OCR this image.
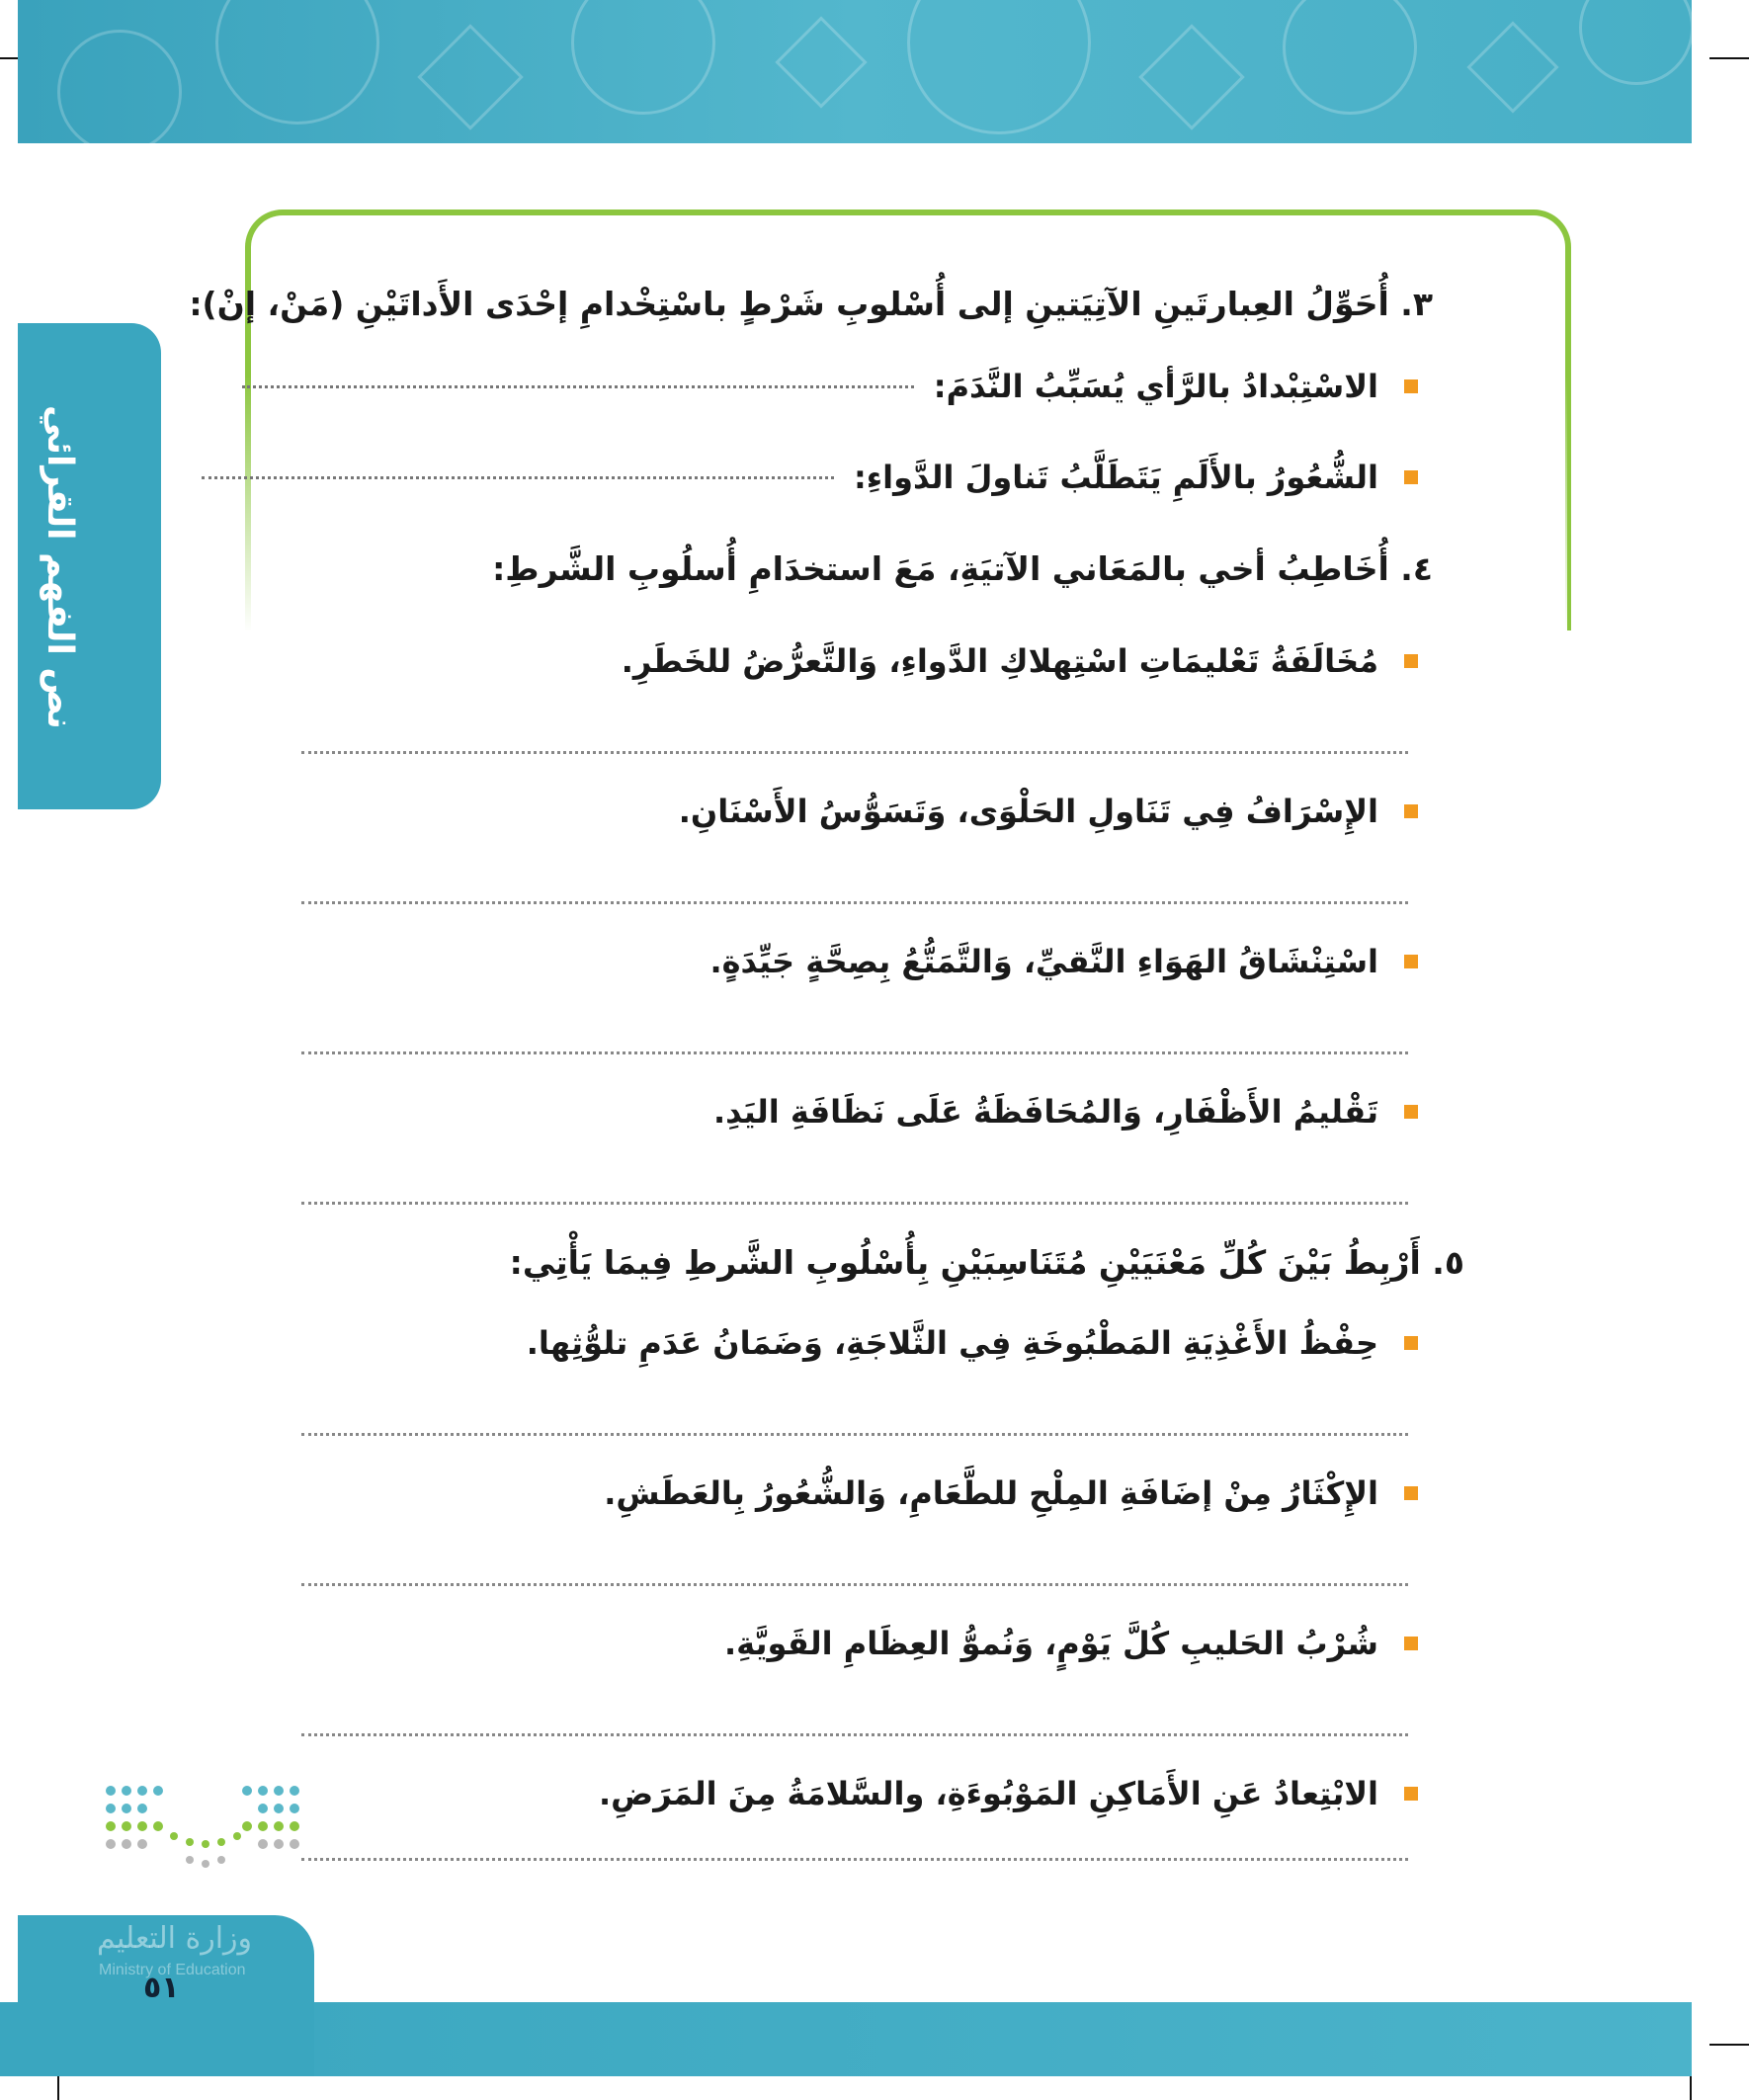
نص الفهم القرائي
٣. أُحَوِّلُ العِبارتَينِ الآتِيَتينِ إلى أُسْلوبِ شَرْطٍ باسْتِخْدامِ إحْدَى الأَداتَيْنِ (مَنْ، إنْ):
الاسْتِبْدادُ بالرَّأي يُسَبِّبُ النَّدَمَ:
الشُّعُورُ بالأَلَمِ يَتَطَلَّبُ تَناولَ الدَّواءِ:
٤. أُخَاطِبُ أخي بالمَعَاني الآتيَةِ، مَعَ استخدَامِ أُسلُوبِ الشَّرطِ:
مُخَالَفَةُ تَعْليمَاتِ اسْتِهلاكِ الدَّواءِ، وَالتَّعرُّضُ للخَطَرِ.
الإِسْرَافُ فِي تَنَاولِ الحَلْوَى، وَتَسَوُّسُ الأَسْنَانِ.
اسْتِنْشَاقُ الهَوَاءِ النَّقيِّ، وَالتَّمَتُّعُ بِصِحَّةٍ جَيِّدَةٍ.
تَقْليمُ الأَظْفَارِ، وَالمُحَافَظَةُ عَلَى نَظَافَةِ اليَدِ.
٥. أَرْبِطُ بَيْنَ كُلِّ مَعْنَيَيْنِ مُتَنَاسِبَيْنِ بِأُسْلُوبِ الشَّرطِ فِيمَا يَأْتِي:
حِفْظُ الأَغْذِيَةِ المَطْبُوخَةِ فِي الثَّلاجَةِ، وَضَمَانُ عَدَمِ تلوُّثِها.
الإِكْثَارُ مِنْ إضَافَةِ المِلْحِ للطَّعَامِ، وَالشُّعُورُ بِالعَطَشِ.
شُرْبُ الحَليبِ كُلَّ يَوْمٍ، وَنُموُّ العِظَامِ القَويَّةِ.
الابْتِعادُ عَنِ الأَمَاكِنِ المَوْبُوءَةِ، والسَّلامَةُ مِنَ المَرَضِ.
وزارة التعليم
Ministry of Education
٥١
